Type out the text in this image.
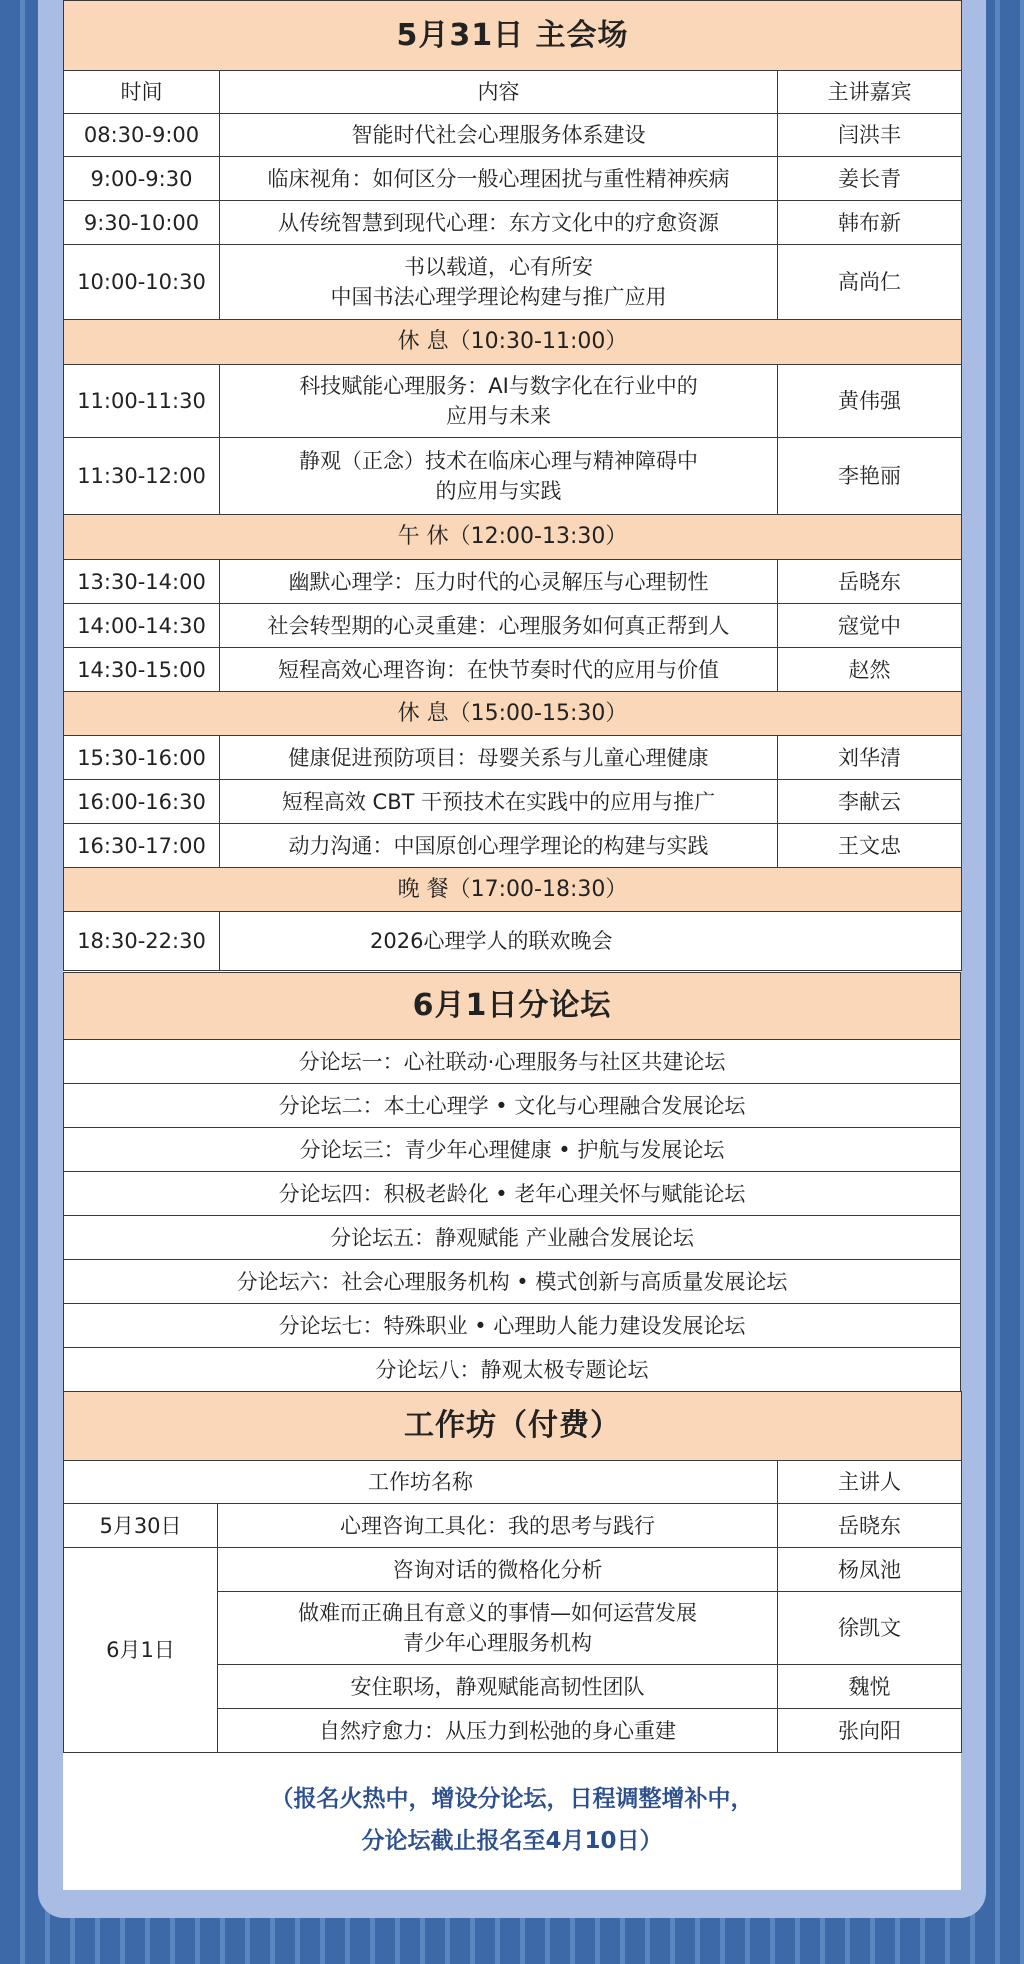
5月31日 主会场		
时间	内容	主讲嘉宾
08:30-9:00	智能时代社会心理服务体系建设	闫洪丰
9:00-9:30	临床视角：如何区分一般心理困扰与重性精神疾病	姜长青
9:30-10:00	从传统智慧到现代心理：东方文化中的疗愈资源	韩布新
10:00-10:30	书以载道，心有所安
中国书法心理学理论构建与推广应用	高尚仁
休 息（10:30-11:00）		
11:00-11:30	科技赋能心理服务：AI与数字化在行业中的
应用与未来	黄伟强
11:30-12:00	静观（正念）技术在临床心理与精神障碍中
的应用与实践	李艳丽
午 休（12:00-13:30）		
13:30-14:00	幽默心理学：压力时代的心灵解压与心理韧性	岳晓东
14:00-14:30	社会转型期的心灵重建：心理服务如何真正帮到人	寇觉中
14:30-15:00	短程高效心理咨询：在快节奏时代的应用与价值	赵然
休 息（15:00-15:30）		
15:30-16:00	健康促进预防项目：母婴关系与儿童心理健康	刘华清
16:00-16:30	短程高效 CBT 干预技术在实践中的应用与推广	李献云
16:30-17:00	动力沟通：中国原创心理学理论的构建与实践	王文忠
晚 餐（17:00-18:30）		
18:30-22:30	2026心理学人的联欢晚会	
6月1日分论坛
分论坛一：心社联动·心理服务与社区共建论坛
分论坛二：本土心理学 • 文化与心理融合发展论坛
分论坛三：青少年心理健康 • 护航与发展论坛
分论坛四：积极老龄化 • 老年心理关怀与赋能论坛
分论坛五：静观赋能 产业融合发展论坛
分论坛六：社会心理服务机构 • 模式创新与高质量发展论坛
分论坛七：特殊职业 • 心理助人能力建设发展论坛
分论坛八：静观太极专题论坛
工作坊（付费）		
工作坊名称		主讲人
5月30日	心理咨询工具化：我的思考与践行	岳晓东
6月1日	咨询对话的微格化分析	杨凤池

	做难而正确且有意义的事情—如何运营发展
青少年心理服务机构	徐凯文
	安住职场，静观赋能高韧性团队	魏悦
	自然疗愈力：从压力到松弛的身心重建	张向阳
（报名火热中，增设分论坛，日程调整增补中，
分论坛截止报名至4月10日）
